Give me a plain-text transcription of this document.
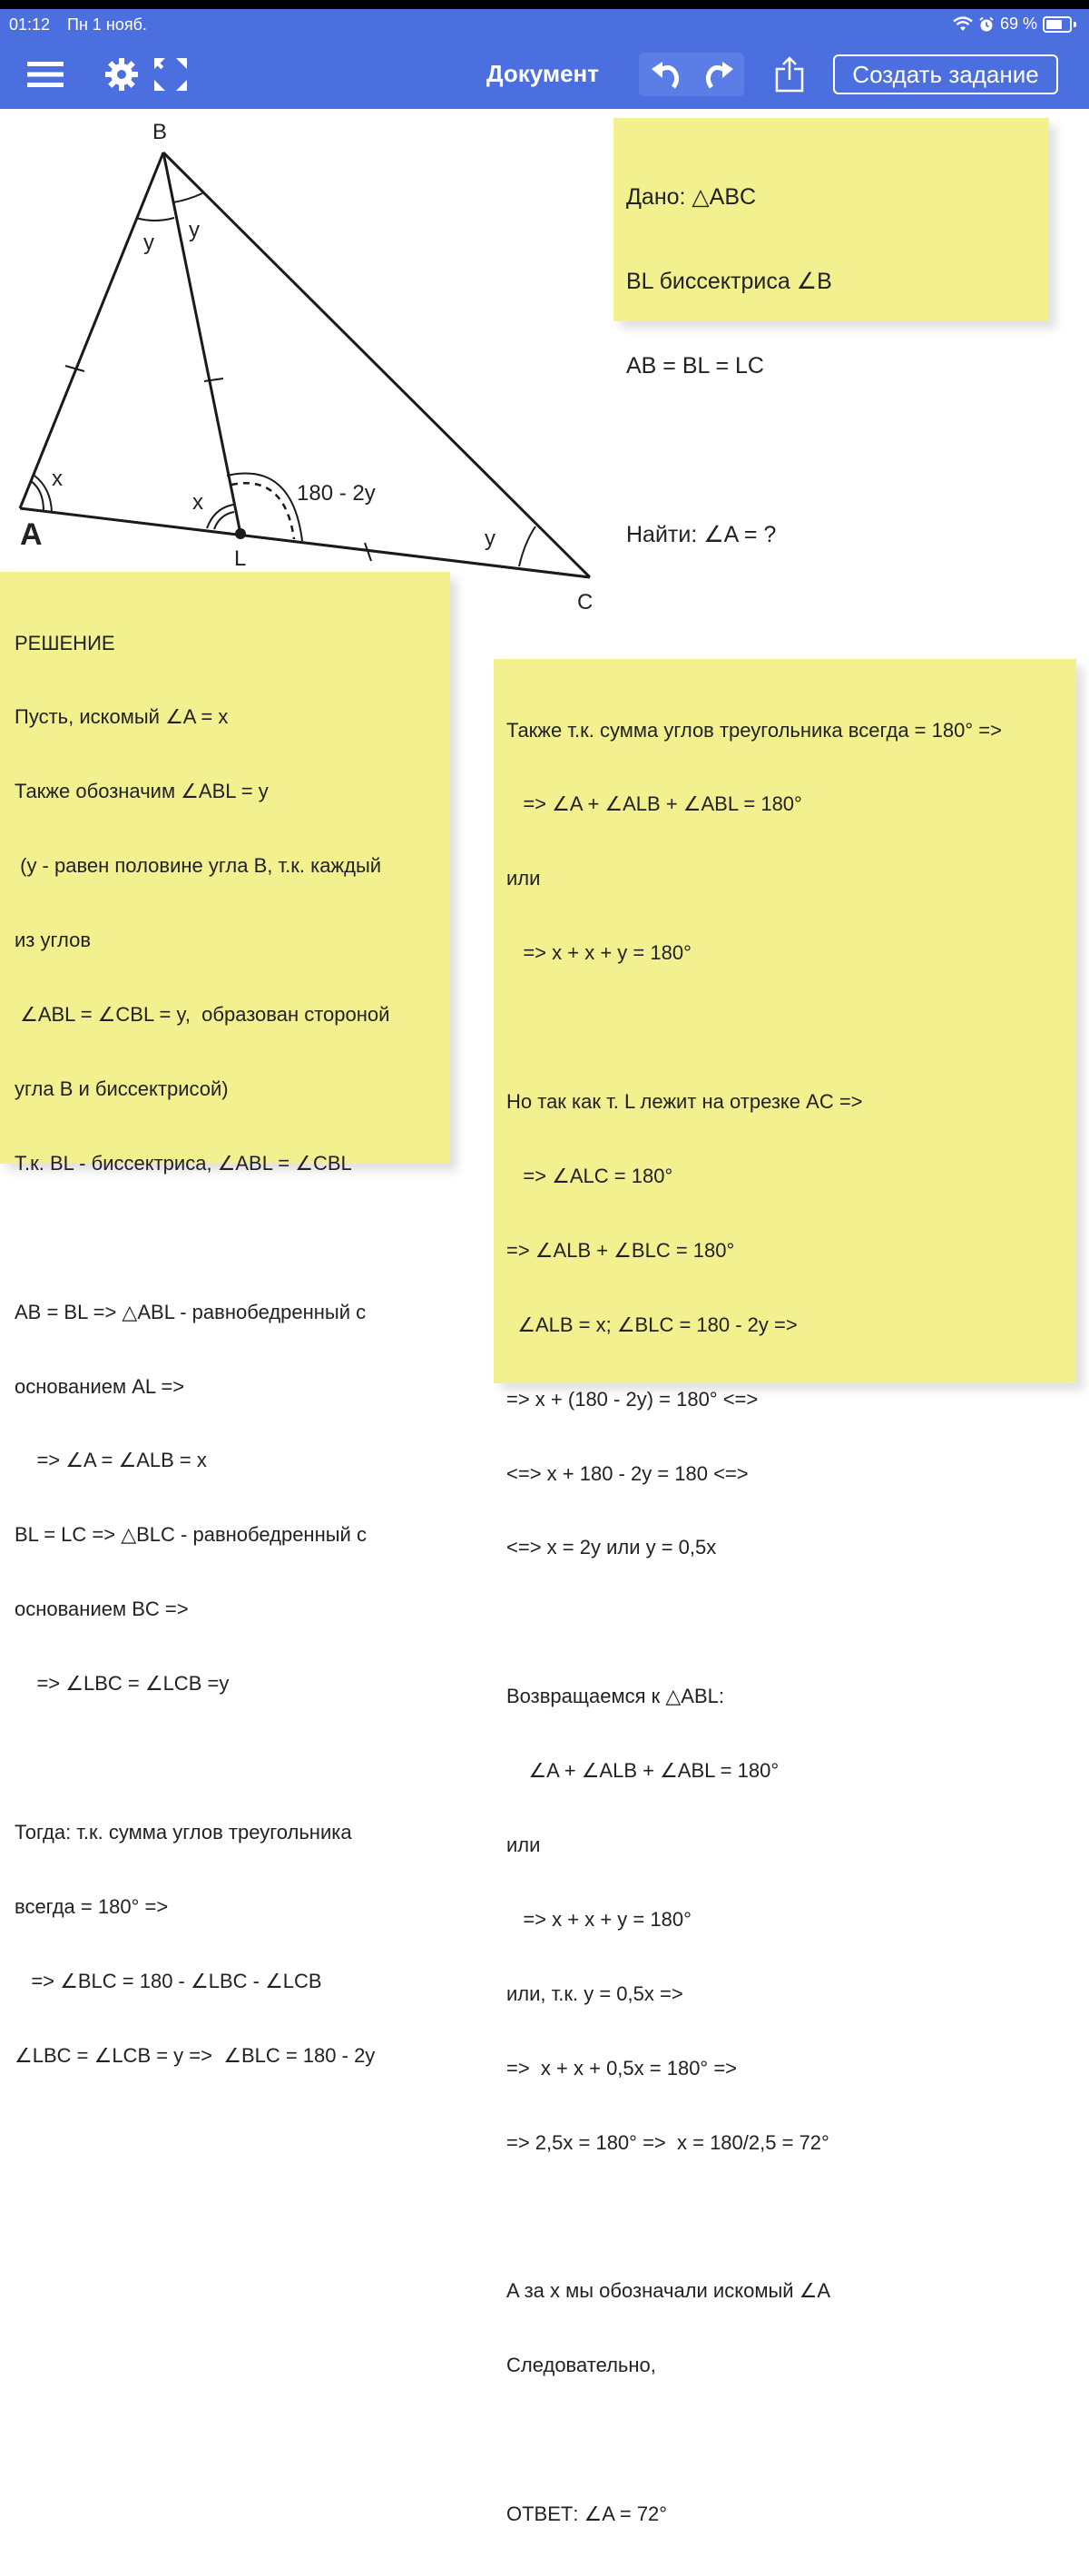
01:12 Пн 1 нояб.	69 %
Документ	Создать задание
B
A
C
L
y
y
x
x	180 - 2y
y

Дано: △ABC

BL биссектриса ∠B

AB = BL = LC

Найти: ∠A = ?

РЕШЕНИЕ

Пусть, искомый ∠A = x

Также обозначим ∠ABL = y

(y - равен половине угла B, т.к. каждый

из углов

∠ABL = ∠CBL = y,  образован стороной

угла B и биссектрисой)

Т.к. BL - биссектриса, ∠ABL = ∠CBL

AB = BL => △ABL - равнобедренный с

основанием AL =>

=> ∠A = ∠ALB = x

BL = LC => △BLC - равнобедренный с

основанием BC =>

=> ∠LBC = ∠LCB =y

Тогда: т.к. сумма углов треугольника

всегда = 180° =>

=> ∠BLC = 180 - ∠LBC - ∠LCB

∠LBC = ∠LCB = y =>  ∠BLC = 180 - 2y

Также т.к. сумма углов треугольника всегда = 180° =>

=> ∠A + ∠ALB + ∠ABL = 180°

или

=> x + x + y = 180°

Но так как т. L лежит на отрезке AC =>

=> ∠ALC = 180°

=> ∠ALB + ∠BLC = 180°

∠ALB = x; ∠BLC = 180 - 2y =>

=> x + (180 - 2y) = 180° <=>

<=> x + 180 - 2y = 180 <=>

<=> x = 2y или y = 0,5x

Возвращаемся к △ABL:

∠A + ∠ALB + ∠ABL = 180°

или

=> x + x + y = 180°

или, т.к. y = 0,5x =>

=>  x + x + 0,5x = 180° =>

=> 2,5x = 180° =>  x = 180/2,5 = 72°

A за x мы обозначали искомый ∠A

Следовательно,

ОТВЕТ: ∠A = 72°
